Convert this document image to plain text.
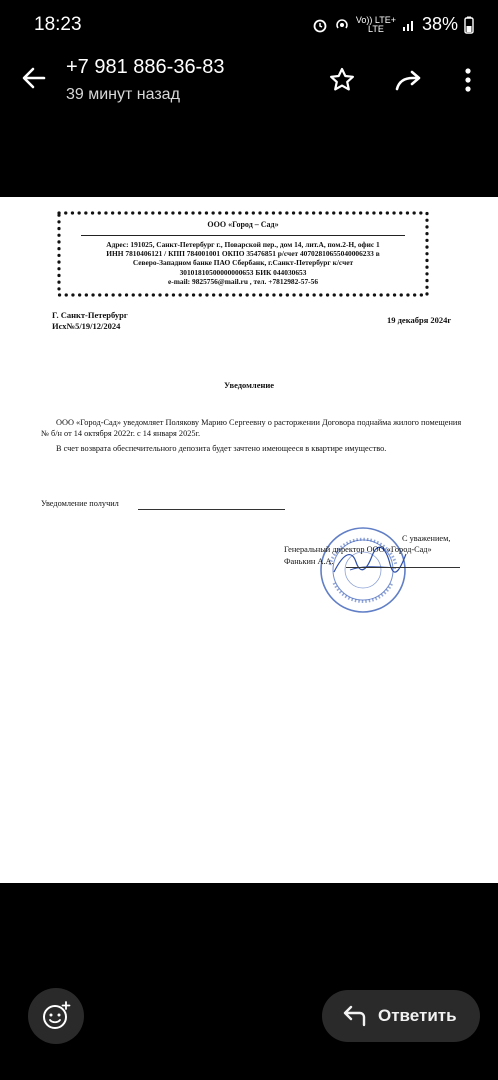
18:23	Vo)) LTE+
LTE	38%
+7 981 886-36-83
39 минут назад
ООО «Город – Сад»
Адрес: 191025, Санкт-Петербург г., Поварской пер., дом 14, лит.А, пом.2-Н, офис 1
ИНН 7810406121 / КПП 784001001 ОКПО 35476851 р/счет 40702810655040006233 в
Северо-Западном банке ПАО Сбербанк, г.Санкт-Петербург к/счет
30101810500000000653 БИК 044030653
e-mail: 9825756@mail.ru , тел. +7812982-57-56
Г. Санкт-Петербург
Исх№5/19/12/2024
19 декабря 2024г
Уведомление
ООО «Город-Сад» уведомляет Полякову Марию Сергеевну о расторжении Договора поднайма жилого помещения № б/н от 14 октября 2022г. с 14 января 2025г.
В счет возврата обеспечительного депозита будет зачтено имеющееся в квартире имущество.
Уведомление получил
С уважением,
Генеральный директор ООО «Город-Сад»
Фанькин А.А.
Ответить
